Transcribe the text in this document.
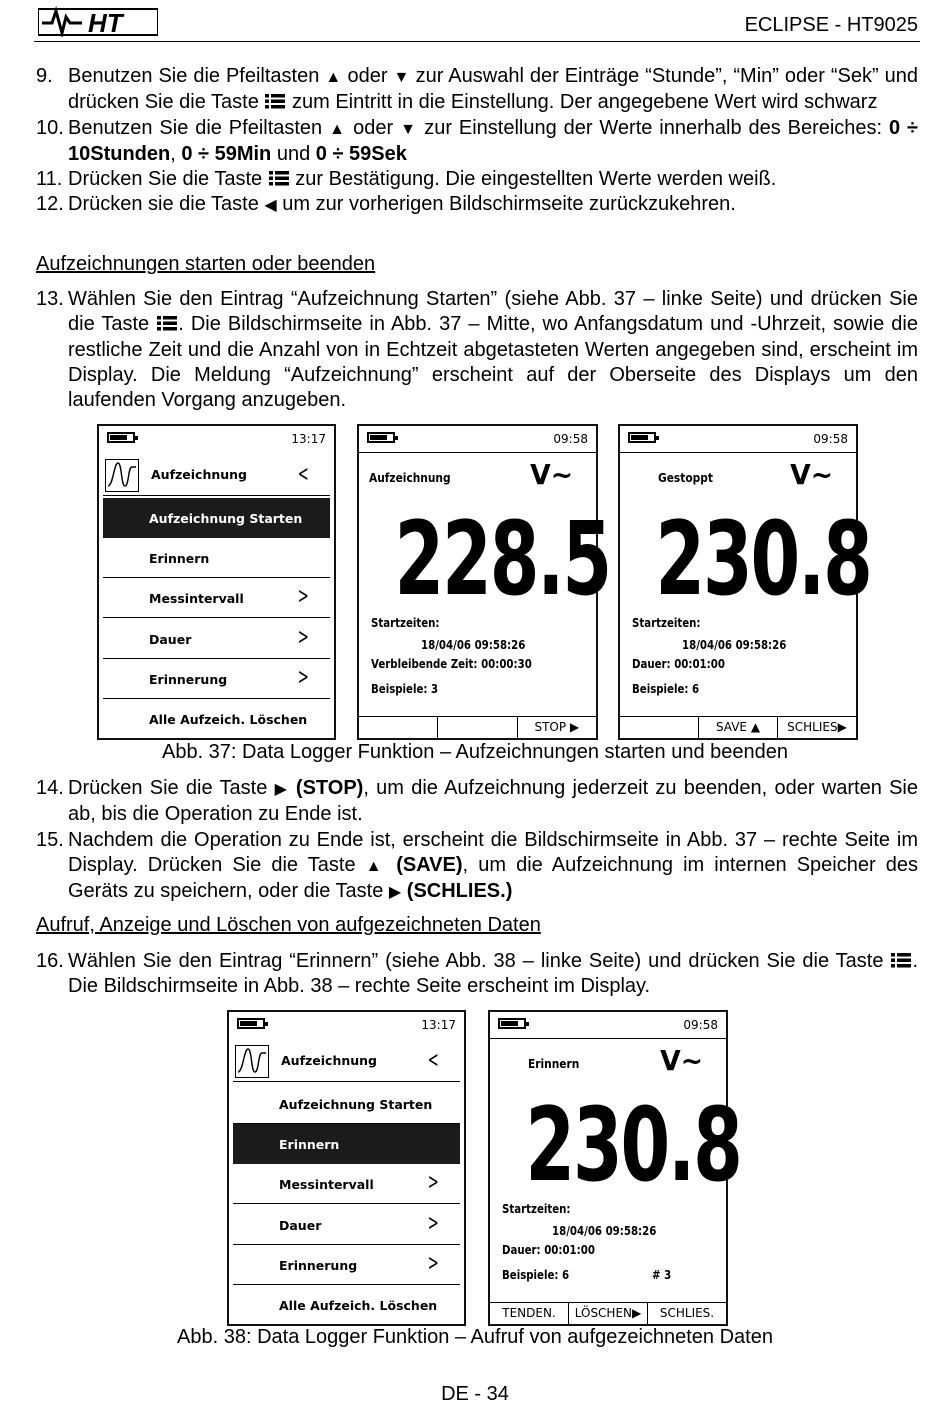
HT	ECLIPSE - HT9025
9. Benutzen Sie die Pfeiltasten ▲ oder ▼ zur Auswahl der Einträge “Stunde”, “Min” oder “Sek” und drücken Sie die Taste  zum Eintritt in die Einstellung. Der angegebene Wert wird schwarz
10. Benutzen Sie die Pfeiltasten ▲ oder ▼ zur Einstellung der Werte innerhalb des Bereiches: 0 ÷ 10Stunden, 0 ÷ 59Min und 0 ÷ 59Sek
11. Drücken Sie die Taste  zur Bestätigung. Die eingestellten Werte werden weiß.
12. Drücken sie die Taste ◀ um zur vorherigen Bildschirmseite zurückzukehren.
Aufzeichnungen starten oder beenden
13. Wählen Sie den Eintrag “Aufzeichnung Starten” (siehe Abb. 37 – linke Seite) und drücken Sie die Taste . Die Bildschirmseite in Abb. 37 – Mitte, wo Anfangsdatum und -Uhrzeit, sowie die restliche Zeit und die Anzahl von in Echtzeit abgetasteten Werten angegeben sind, erscheint im Display. Die Meldung “Aufzeichnung” erscheint auf der Oberseite des Displays um den laufenden Vorgang anzugeben.
13:17
Aufzeichnung <
Aufzeichnung Starten
Erinnern
Messintervall >
Dauer	>
Erinnerung	>
Alle Aufzeich. Löschen
09:58
Aufzeichnung	V~
228.5
Startzeiten:
18/04/06 09:58:26
Verbleibende Zeit: 00:00:30
Beispiele: 3
STOP ▶
09:58
Gestoppt	V~
230.8
Startzeiten:
18/04/06 09:58:26
Dauer: 00:01:00
Beispiele: 6
SAVE ▲	SCHLIES▶
Abb. 37: Data Logger Funktion – Aufzeichnungen starten und beenden
14. Drücken Sie die Taste ▶ (STOP), um die Aufzeichnung jederzeit zu beenden, oder warten Sie ab, bis die Operation zu Ende ist.
15. Nachdem die Operation zu Ende ist, erscheint die Bildschirmseite in Abb. 37 – rechte Seite im Display. Drücken Sie die Taste ▲ (SAVE), um die Aufzeichnung im internen Speicher des Geräts zu speichern, oder die Taste ▶ (SCHLIES.)
Aufruf, Anzeige und Löschen von aufgezeichneten Daten
16. Wählen Sie den Eintrag “Erinnern” (siehe Abb. 38 – linke Seite) und drücken Sie die Taste . Die Bildschirmseite in Abb. 38 – rechte Seite erscheint im Display.
13:17
Aufzeichnung <
Aufzeichnung Starten
Erinnern
Messintervall >
Dauer	>
Erinnerung	>
Alle Aufzeich. Löschen
09:58
Erinnern	V~
230.8
Startzeiten:
18/04/06 09:58:26
Dauer: 00:01:00
Beispiele: 6	# 3
TENDEN.	LÖSCHEN▶	SCHLIES.
Abb. 38: Data Logger Funktion – Aufruf von aufgezeichneten Daten
DE - 34
